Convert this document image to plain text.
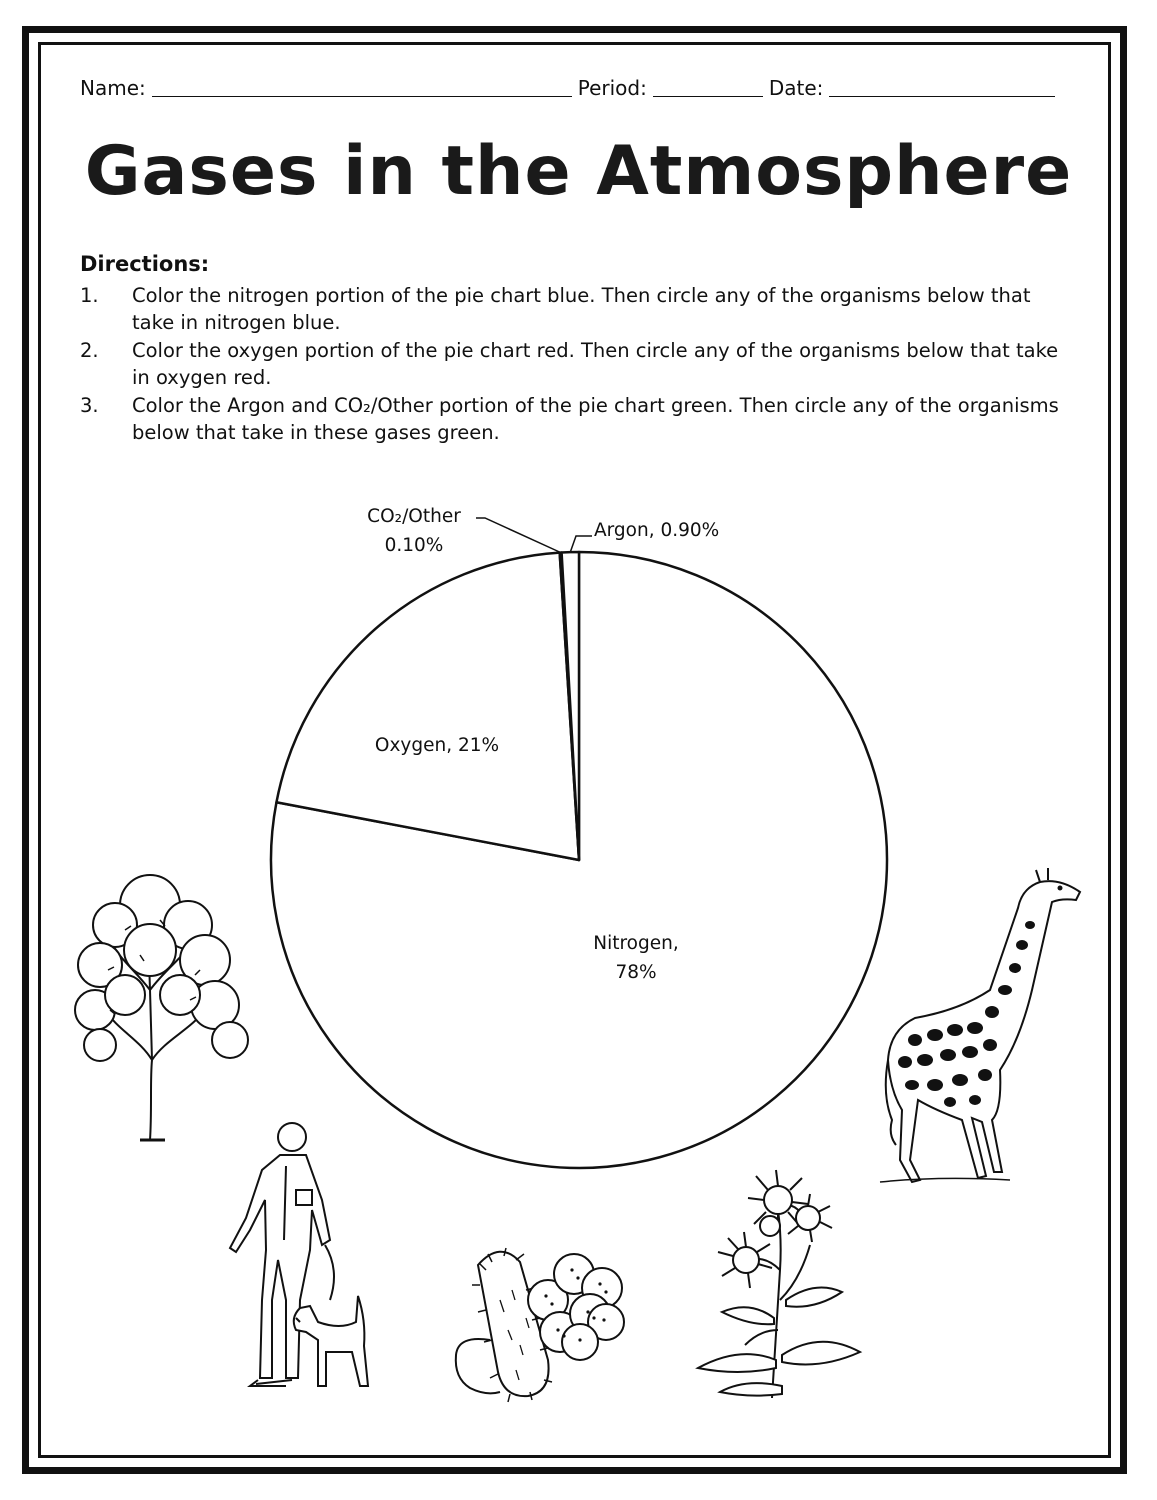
Name:	Period:	Date:
Gases in the Atmosphere
Directions:
1.	Color the nitrogen portion of the pie chart blue. Then circle any of the organisms below that take in nitrogen blue.
2.	Color the oxygen portion of the pie chart red. Then circle any of the organisms below that take in oxygen red.
3.	Color the Argon and CO₂/Other portion of the pie chart green. Then circle any of the organisms below that take in these gases green.
Nitrogen, 78%
Oxygen, 21%
CO₂/Other 0.10%
Argon, 0.90%
